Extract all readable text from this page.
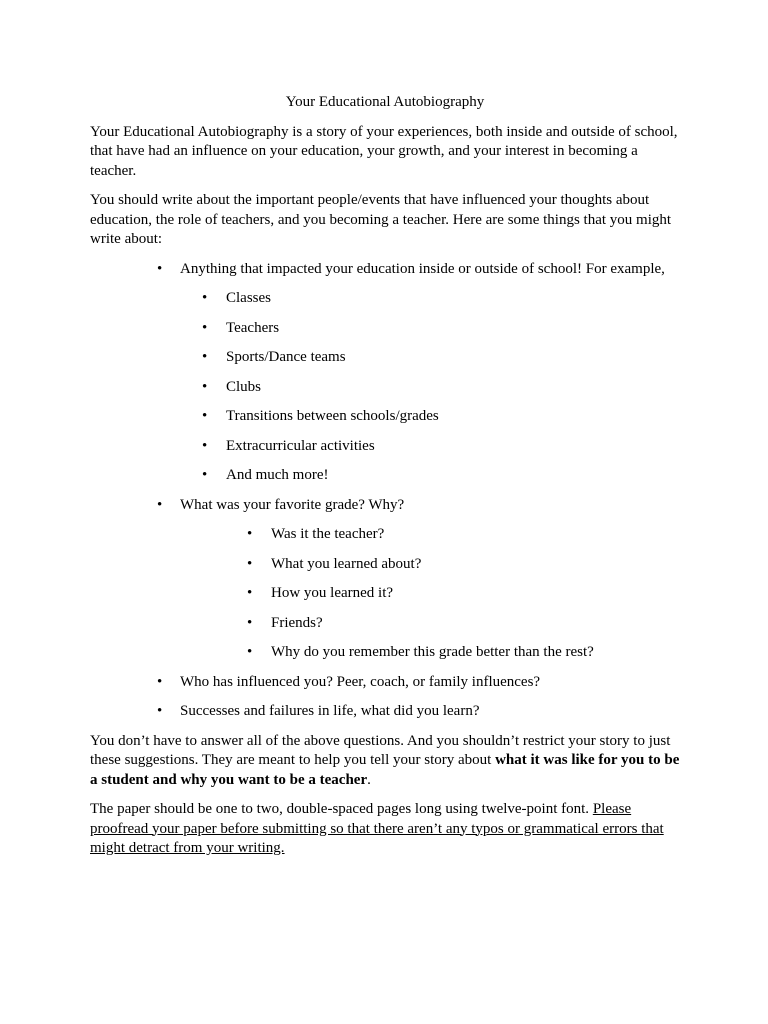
Your Educational Autobiography

Your Educational Autobiography is a story of your experiences, both inside and outside of school, that have had an influence on your education, your growth, and your interest in becoming a teacher.

You should write about the important people/events that have influenced your thoughts about education, the role of teachers, and you becoming a teacher. Here are some things that you might write about:

• Anything that impacted your education inside or outside of school! For example,
• Classes
• Teachers
• Sports/Dance teams
• Clubs
• Transitions between schools/grades
• Extracurricular activities
• And much more!
• What was your favorite grade? Why?
• Was it the teacher?
• What you learned about?
• How you learned it?
• Friends?
• Why do you remember this grade better than the rest?
• Who has influenced you? Peer, coach, or family influences?
• Successes and failures in life, what did you learn?

You don’t have to answer all of the above questions. And you shouldn’t restrict your story to just these suggestions. They are meant to help you tell your story about what it was like for you to be a student and why you want to be a teacher.

The paper should be one to two, double-spaced pages long using twelve-point font. Please proofread your paper before submitting so that there aren’t any typos or grammatical errors that might detract from your writing.
